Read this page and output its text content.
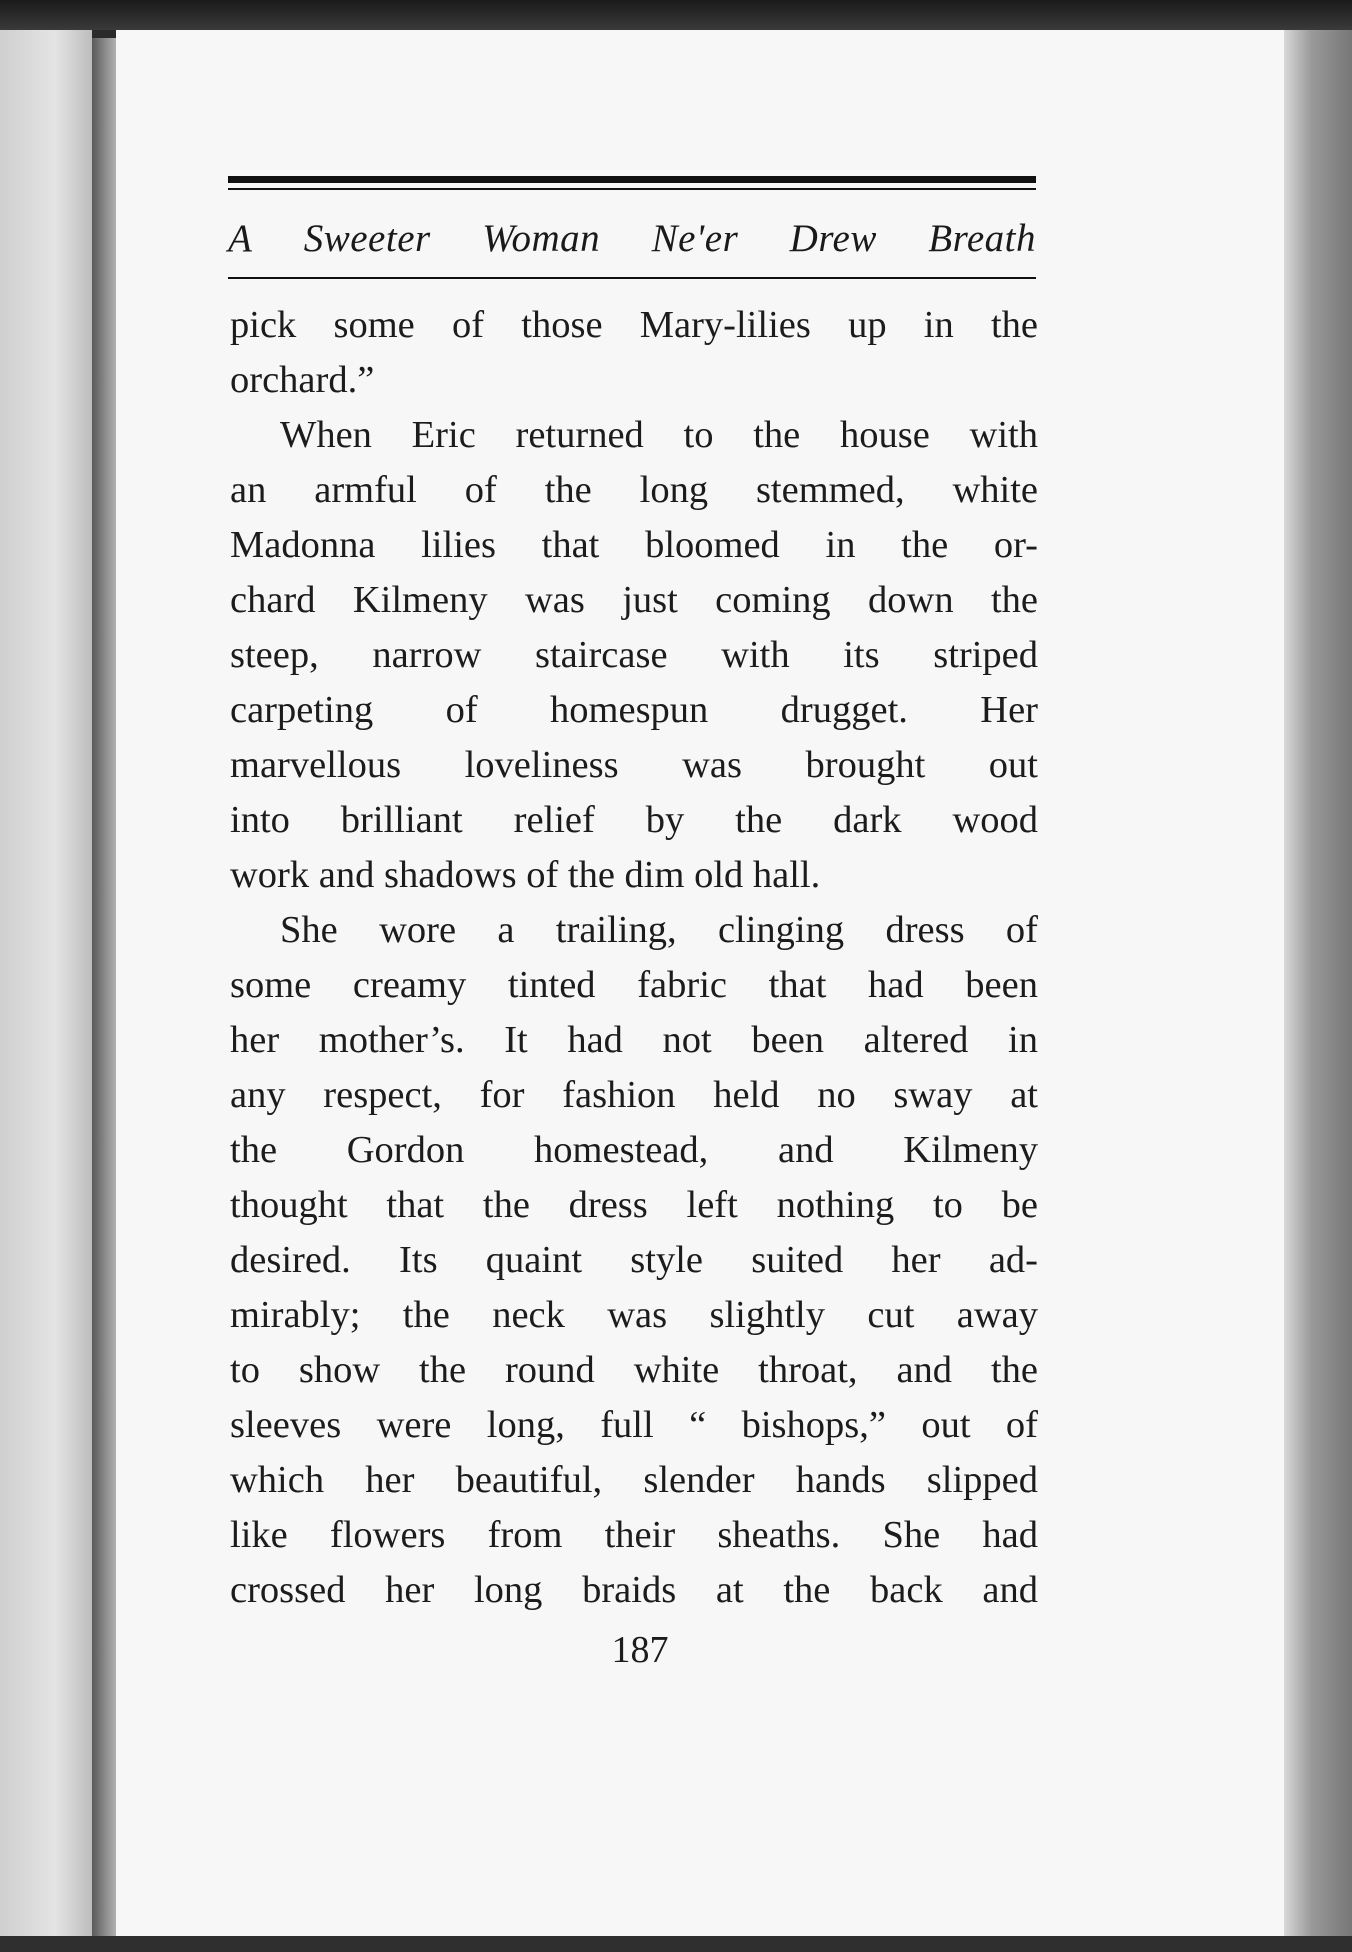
A Sweeter Woman Ne'er Drew Breath
pick some of those Mary-lilies up in the
orchard.”
When Eric returned to the house with
an armful of the long stemmed, white
Madonna lilies that bloomed in the or-
chard Kilmeny was just coming down the
steep, narrow staircase with its striped
carpeting of homespun drugget. Her
marvellous loveliness was brought out
into brilliant relief by the dark wood
work and shadows of the dim old hall.
She wore a trailing, clinging dress of
some creamy tinted fabric that had been
her mother’s. It had not been altered in
any respect, for fashion held no sway at
the Gordon homestead, and Kilmeny
thought that the dress left nothing to be
desired. Its quaint style suited her ad-
mirably; the neck was slightly cut away
to show the round white throat, and the
sleeves were long, full “ bishops,” out of
which her beautiful, slender hands slipped
like flowers from their sheaths. She had
crossed her long braids at the back and
187
